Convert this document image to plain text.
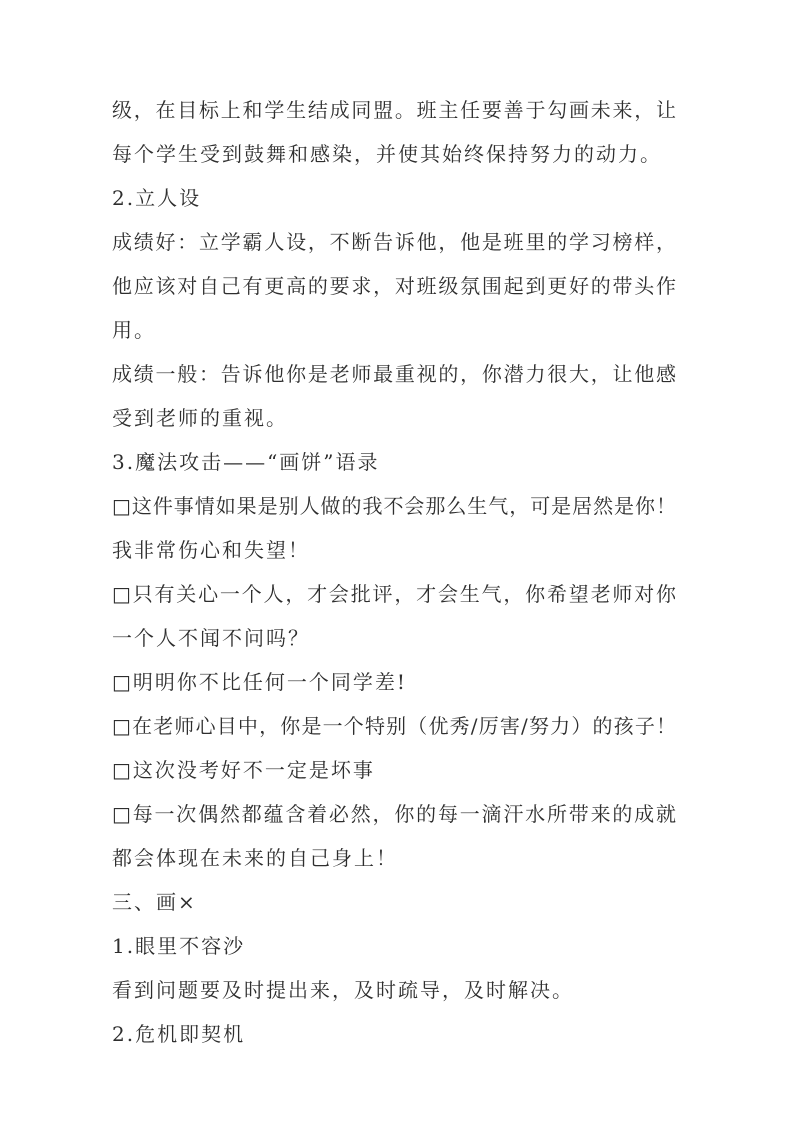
级，在目标上和学生结成同盟。班主任要善于勾画未来，让
每个学生受到鼓舞和感染，并使其始终保持努力的动力。
2.立人设
成绩好：立学霸人设，不断告诉他，他是班里的学习榜样，
他应该对自己有更高的要求，对班级氛围起到更好的带头作
用。
成绩一般：告诉他你是老师最重视的，你潜力很大，让他感
受到老师的重视。
3.魔法攻击——“画饼”语录
□这件事情如果是别人做的我不会那么生气，可是居然是你！
我非常伤心和失望！
□只有关心一个人，才会批评，才会生气，你希望老师对你
一个人不闻不问吗？
□明明你不比任何一个同学差!
□在老师心目中，你是一个特别（优秀/厉害/努力）的孩子！
□这次没考好不一定是坏事
□每一次偶然都蕴含着必然，你的每一滴汗水所带来的成就
都会体现在未来的自己身上！
三、画×
1.眼里不容沙
看到问题要及时提出来，及时疏导，及时解决。
2.危机即契机
